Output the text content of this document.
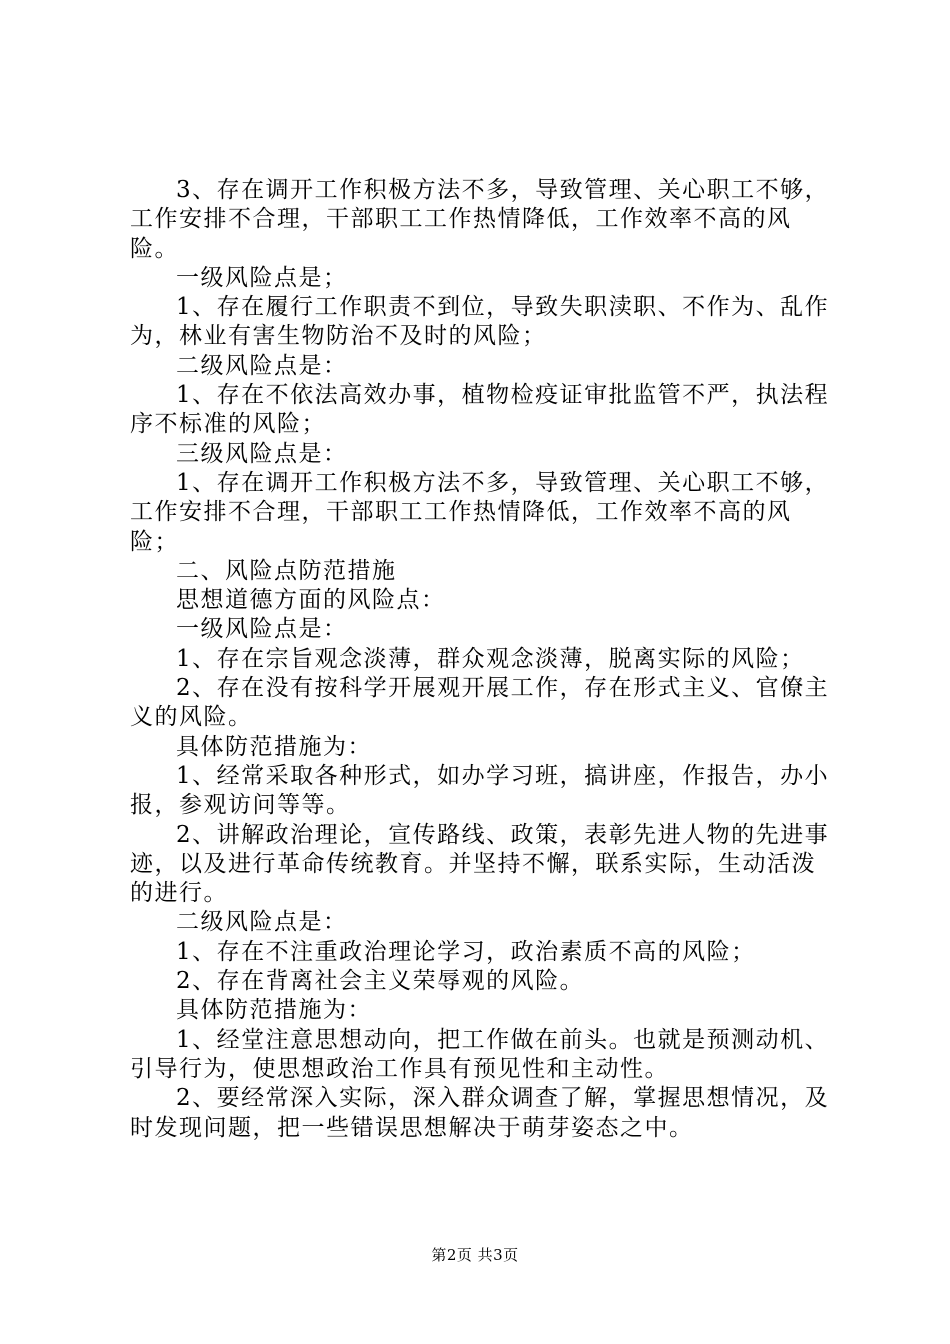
3、存在调开工作积极方法不多，导致管理、关心职工不够，工作安排不合理，干部职工工作热情降低，工作效率不高的风险。

一级风险点是；

1、存在履行工作职责不到位，导致失职渎职、不作为、乱作为，林业有害生物防治不及时的风险；

二级风险点是：

1、存在不依法高效办事，植物检疫证审批监管不严，执法程序不标准的风险；

三级风险点是：

1、存在调开工作积极方法不多，导致管理、关心职工不够，工作安排不合理，干部职工工作热情降低，工作效率不高的风险；

二、风险点防范措施

思想道德方面的风险点：

一级风险点是：

1、存在宗旨观念淡薄，群众观念淡薄，脱离实际的风险；

2、存在没有按科学开展观开展工作，存在形式主义、官僚主义的风险。

具体防范措施为：

1、经常采取各种形式，如办学习班，搞讲座，作报告，办小报，参观访问等等。

2、讲解政治理论，宣传路线、政策，表彰先进人物的先进事迹，以及进行革命传统教育。并坚持不懈，联系实际，生动活泼的进行。

二级风险点是：

1、存在不注重政治理论学习，政治素质不高的风险；

2、存在背离社会主义荣辱观的风险。

具体防范措施为：

1、经堂注意思想动向，把工作做在前头。也就是预测动机、引导行为，使思想政治工作具有预见性和主动性。

2、要经常深入实际，深入群众调查了解，掌握思想情况，及时发现问题，把一些错误思想解决于萌芽姿态之中。

第2页 共3页
